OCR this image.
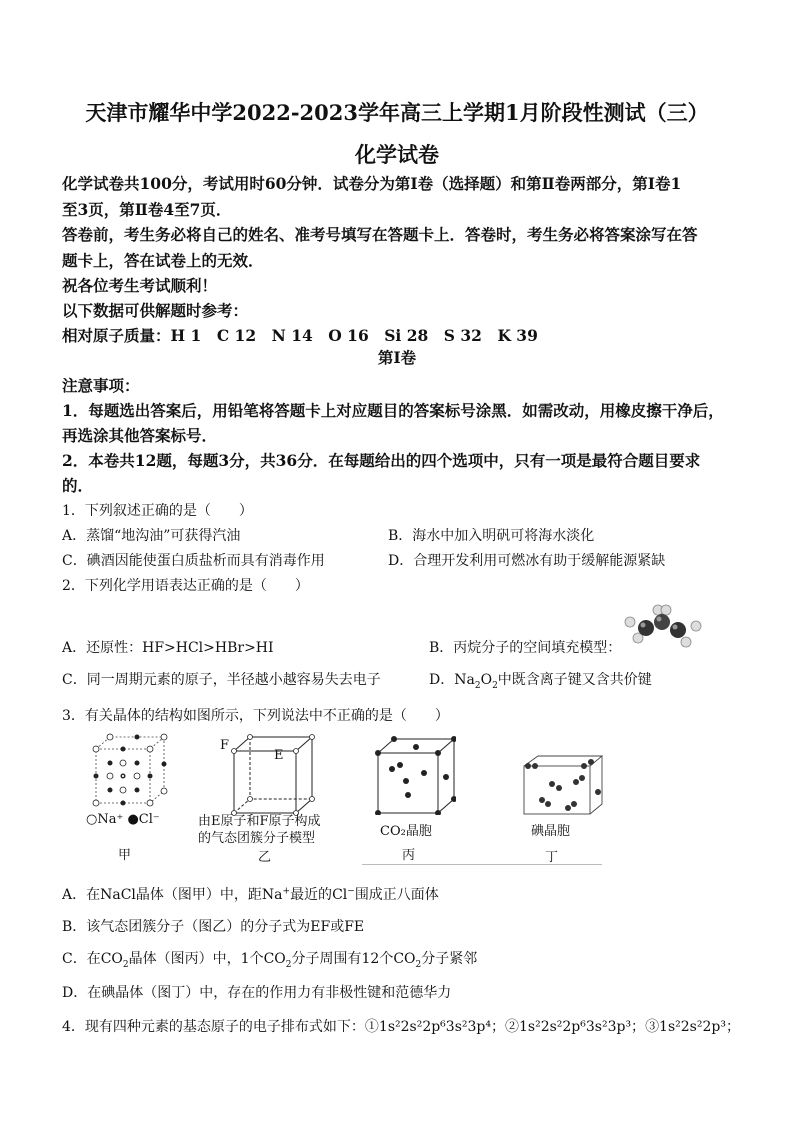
天津市耀华中学2022-2023学年高三上学期1月阶段性测试（三）
化学试卷
化学试卷共100分，考试用时60分钟．试卷分为第Ⅰ卷（选择题）和第Ⅱ卷两部分，第Ⅰ卷1
至3页，第Ⅱ卷4至7页．
答卷前，考生务必将自己的姓名、准考号填写在答题卡上．答卷时，考生务必将答案涂写在答
题卡上，答在试卷上的无效．
祝各位考生考试顺利！
以下数据可供解题时参考：
相对原子质量：H 1　C 12　N 14　O 16　Si 28　S 32　K 39
第Ⅰ卷
注意事项：
1．每题选出答案后，用铅笔将答题卡上对应题目的答案标号涂黑．如需改动，用橡皮擦干净后，
再选涂其他答案标号．
2．本卷共12题，每题3分，共36分．在每题给出的四个选项中，只有一项是最符合题目要求
的．
1．下列叙述正确的是（　　）
A．蒸馏“地沟油”可获得汽油	B．海水中加入明矾可将海水淡化
C．碘酒因能使蛋白质盐析而具有消毒作用	D．合理开发利用可燃冰有助于缓解能源紧缺
2．下列化学用语表达正确的是（　　）
A．还原性：HF>HCl>HBr>HI	B．丙烷分子的空间填充模型：
C．同一周期元素的原子，半径越小越容易失去电子	D．$Na_2O_2$中既含离子键又含共价键
3．有关晶体的结构如图所示，下列说法中不正确的是（　　）
○Na⁺ ●Cl⁻
甲
F
E
由E原子和F原子构成
的气态团簇分子模型
乙
CO₂晶胞
丙
碘晶胞
丁
A．在NaCl晶体（图甲）中，距Na+最近的Cl−围成正八面体
B．该气态团簇分子（图乙）的分子式为EF或FE
C．在$CO_2$晶体（图丙）中，1个$CO_2$分子周围有12个$CO_2$分子紧邻
D．在碘晶体（图丁）中，存在的作用力有非极性键和范德华力
4．现有四种元素的基态原子的电子排布式如下：①1s²2s²2p⁶3s²3p⁴；②1s²2s²2p⁶3s²3p³；③1s²2s²2p³；
